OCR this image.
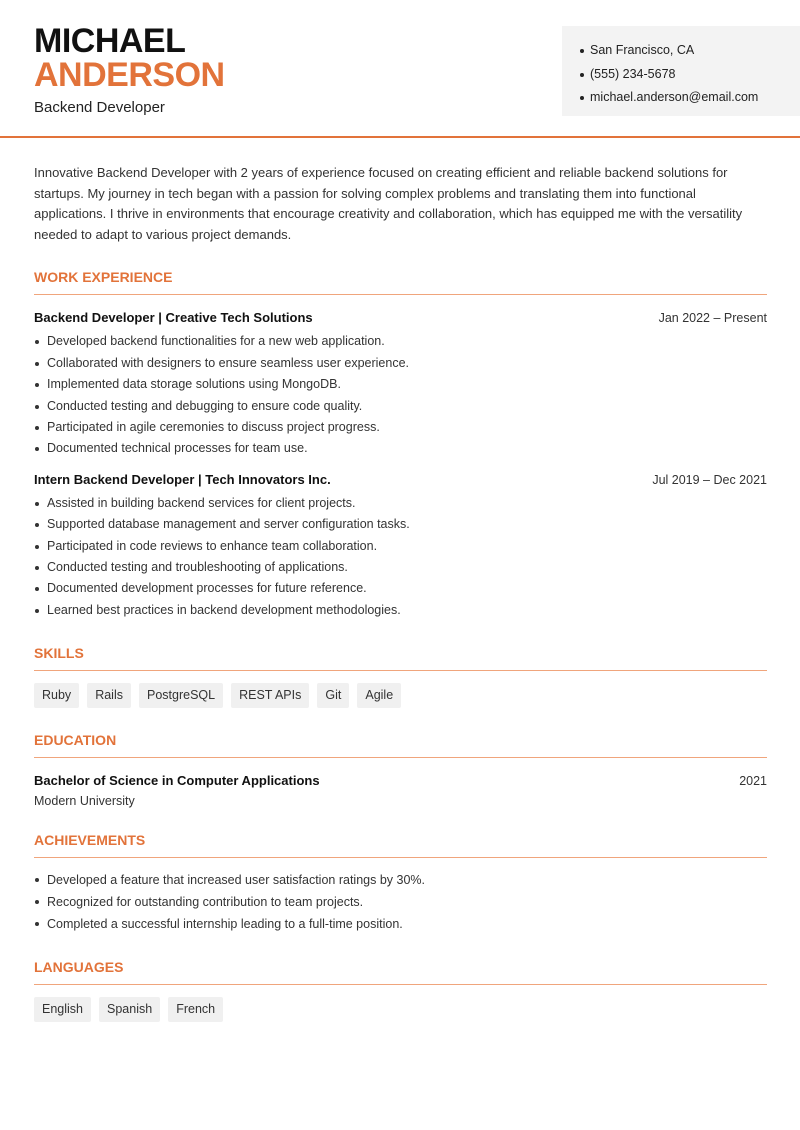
MICHAEL
ANDERSON
Backend Developer
San Francisco, CA
(555) 234-5678
michael.anderson@email.com

Innovative Backend Developer with 2 years of experience focused on creating efficient and reliable backend solutions for startups. My journey in tech began with a passion for solving complex problems and translating them into functional applications. I thrive in environments that encourage creativity and collaboration, which has equipped me with the versatility needed to adapt to various project demands.

WORK EXPERIENCE
Backend Developer | Creative Tech Solutions	Jan 2022 – Present
Developed backend functionalities for a new web application.
Collaborated with designers to ensure seamless user experience.
Implemented data storage solutions using MongoDB.
Conducted testing and debugging to ensure code quality.
Participated in agile ceremonies to discuss project progress.
Documented technical processes for team use.
Intern Backend Developer | Tech Innovators Inc.	Jul 2019 – Dec 2021
Assisted in building backend services for client projects.
Supported database management and server configuration tasks.
Participated in code reviews to enhance team collaboration.
Conducted testing and troubleshooting of applications.
Documented development processes for future reference.
Learned best practices in backend development methodologies.
SKILLS
Ruby	Rails	PostgreSQL	REST APIs	Git	Agile
EDUCATION
Bachelor of Science in Computer Applications	2021
Modern University
ACHIEVEMENTS
Developed a feature that increased user satisfaction ratings by 30%.
Recognized for outstanding contribution to team projects.
Completed a successful internship leading to a full-time position.
LANGUAGES
English	Spanish	French
